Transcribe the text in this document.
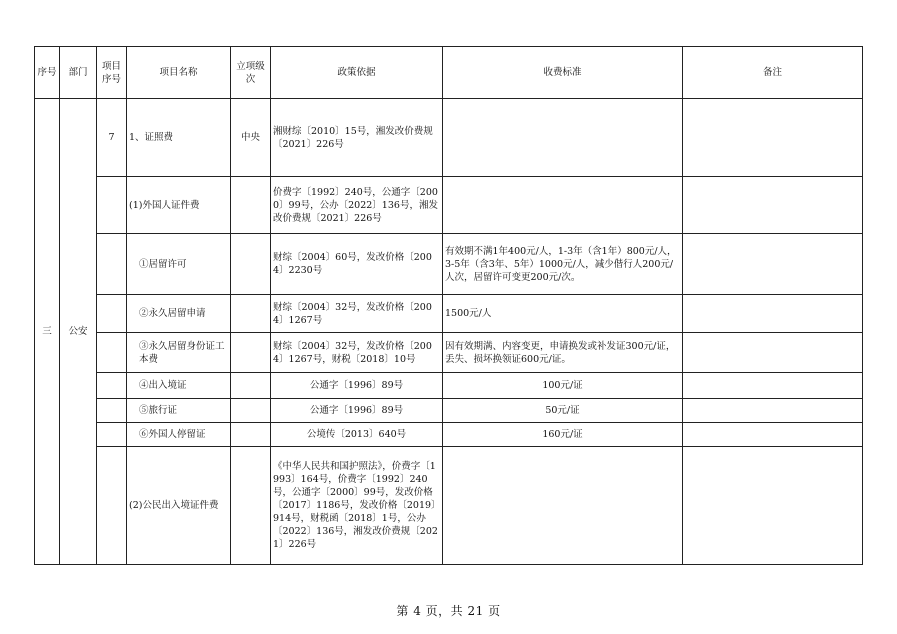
序号	部门	项目序号	项目名称	立项级次	政策依据	收费标准	备注
三	公安	7	1、证照费	中央	湘财综〔2010〕15号，湘发改价费规〔2021〕226号		
			(1)外国人证件费		价费字〔1992〕240号，公通字〔2000〕99号，公办〔2022〕136号，湘发改价费规〔2021〕226号		
			①居留许可		财综〔2004〕60号，发改价格〔2004〕2230号	有效期不满1年400元/人，1-3年（含1年）800元/人，3-5年（含3年、5年）1000元/人，减少偕行人200元/人次，居留许可变更200元/次。	
			②永久居留申请		财综〔2004〕32号，发改价格〔2004〕1267号	1500元/人	
			③永久居留身份证工本费		财综〔2004〕32号，发改价格〔2004〕1267号，财税〔2018〕10号	因有效期满、内容变更，申请换发或补发证300元/证，丢失、损坏换领证600元/证。	
			④出入境证		公通字〔1996〕89号	100元/证	
			⑤旅行证		公通字〔1996〕89号	50元/证	
			⑥外国人停留证		公境传〔2013〕640号	160元/证	
			(2)公民出入境证件费		《中华人民共和国护照法》，价费字〔1993〕164号，价费字〔1992〕240号，公通字〔2000〕99号，发改价格〔2017〕1186号，发改价格〔2019〕914号，财税函〔2018〕1号，公办〔2022〕136号，湘发改价费规〔2021〕226号		
第 4 页，共 21 页
